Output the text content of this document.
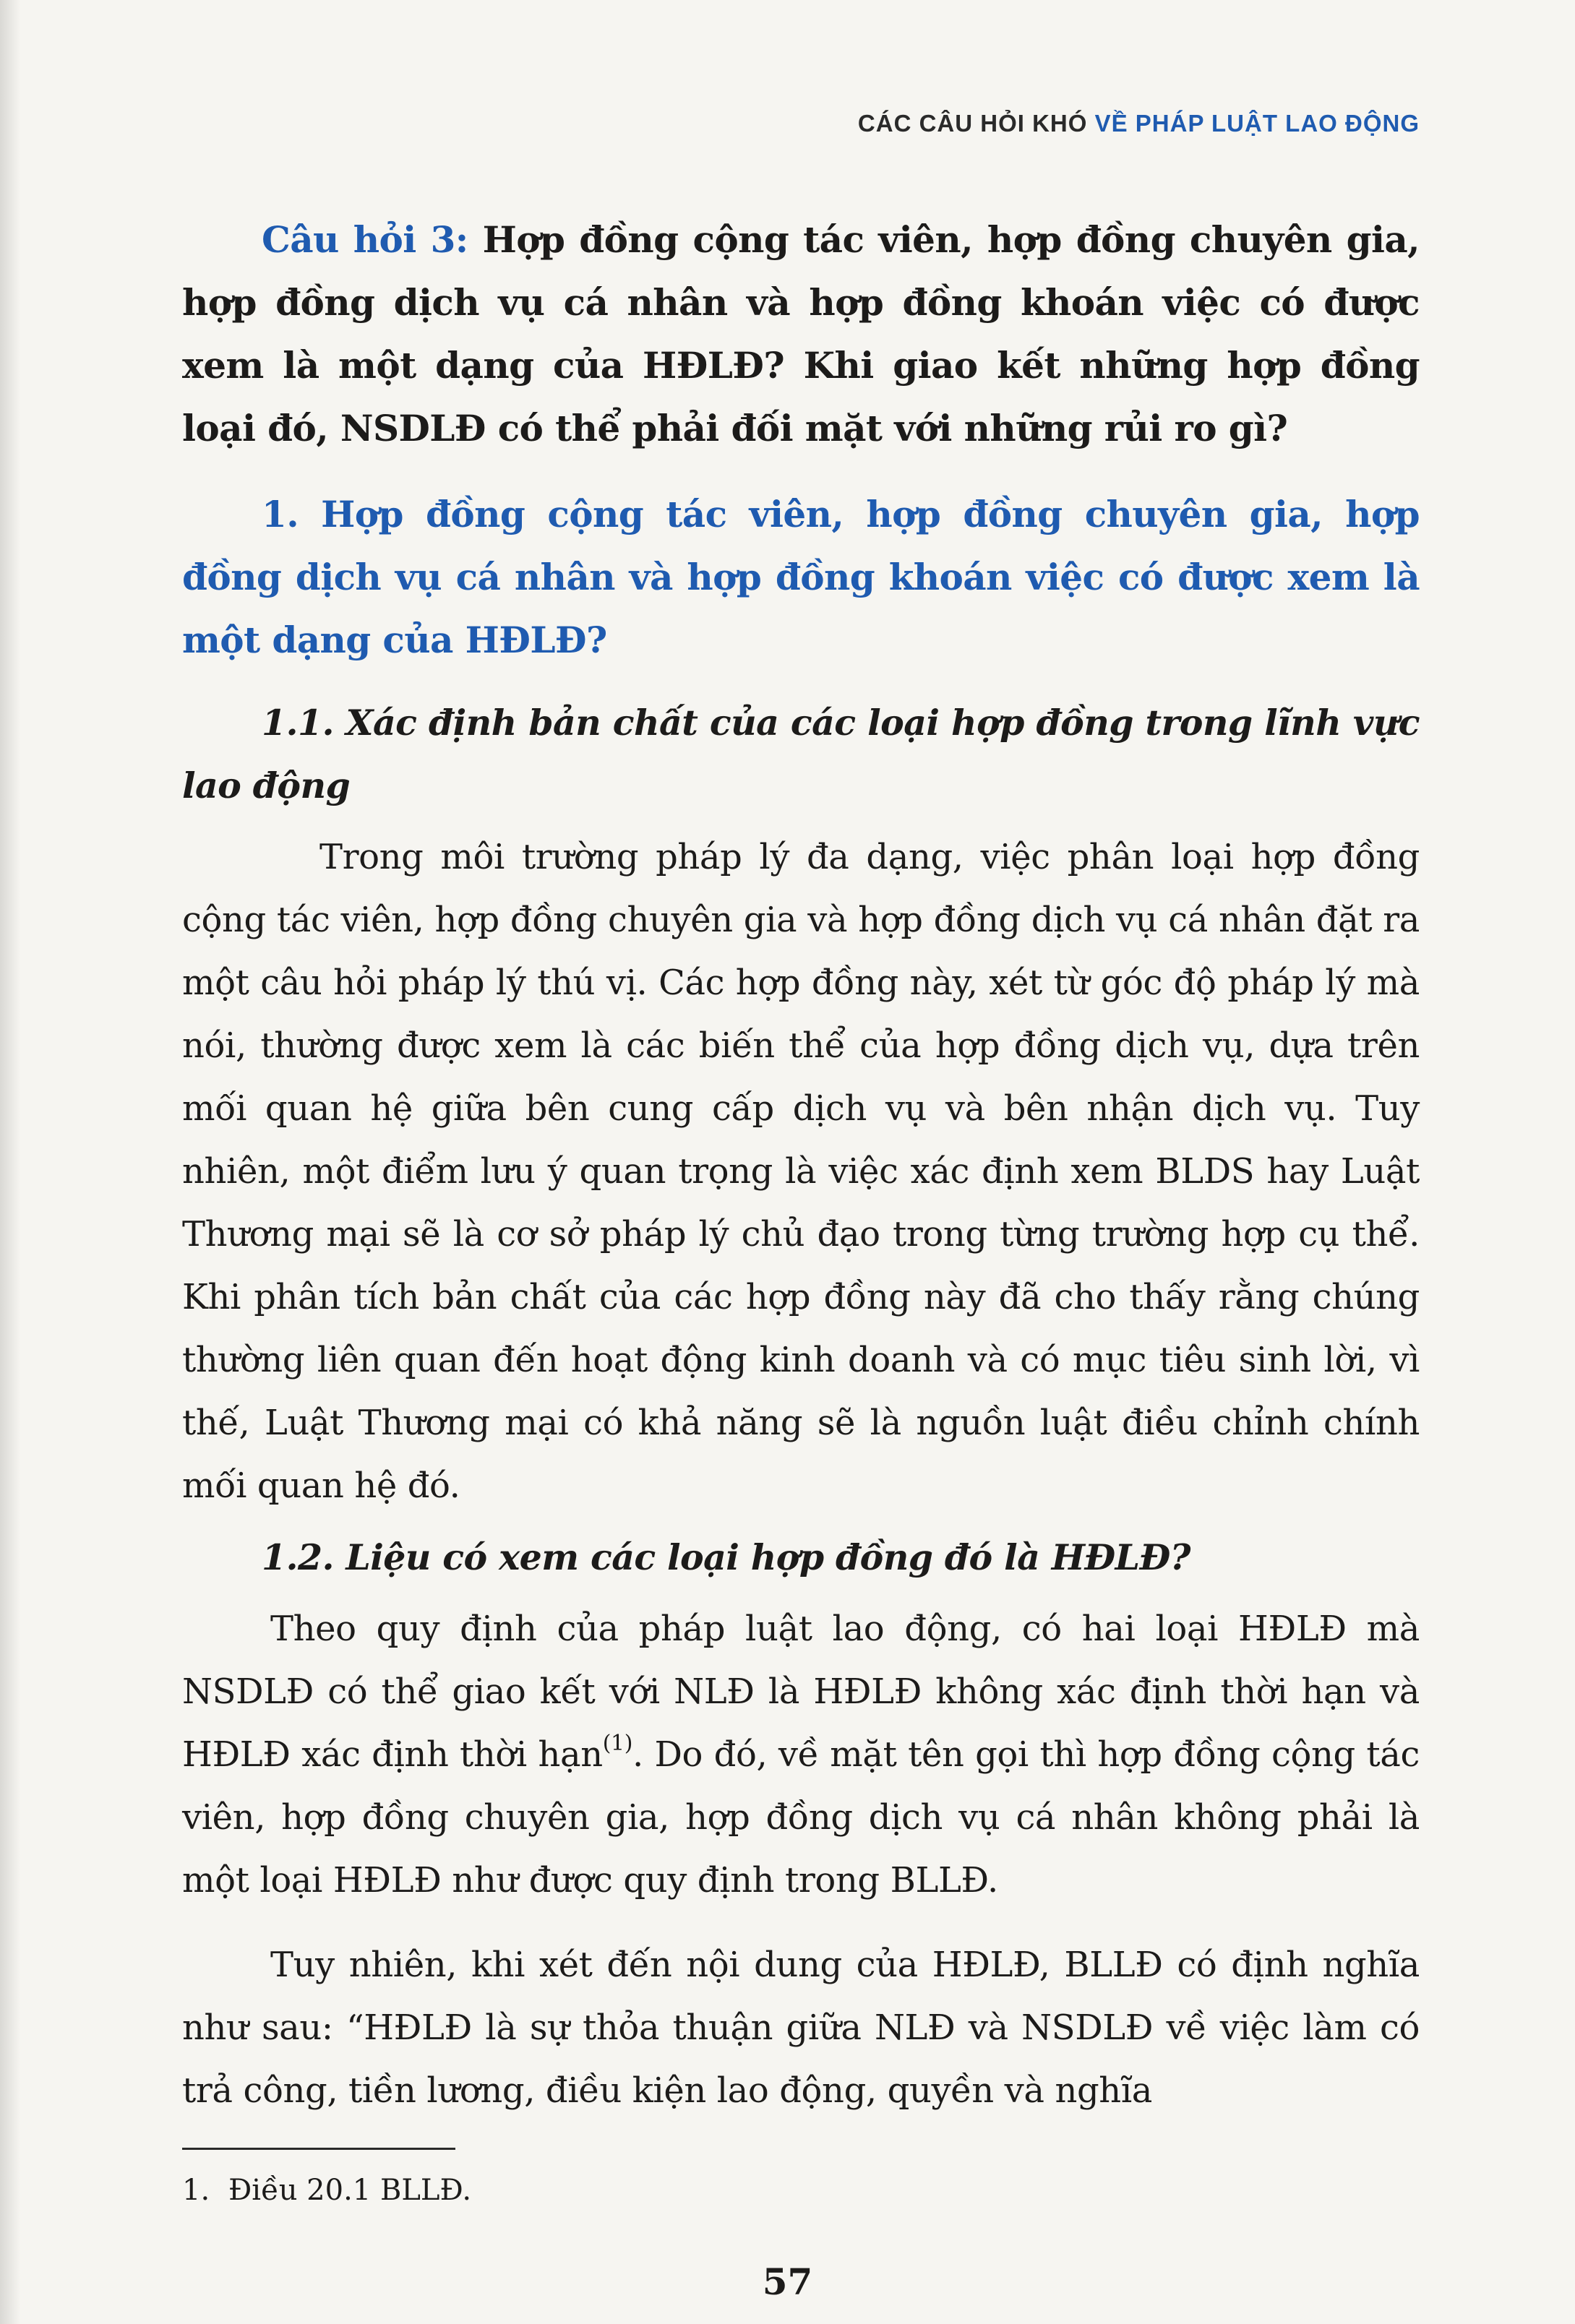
CÁC CÂU HỎI KHÓ VỀ PHÁP LUẬT LAO ĐỘNG

Câu hỏi 3: Hợp đồng cộng tác viên, hợp đồng chuyên gia, hợp đồng dịch vụ cá nhân và hợp đồng khoán việc có được xem là một dạng của HĐLĐ? Khi giao kết những hợp đồng loại đó, NSDLĐ có thể phải đối mặt với những rủi ro gì?

1. Hợp đồng cộng tác viên, hợp đồng chuyên gia, hợp đồng dịch vụ cá nhân và hợp đồng khoán việc có được xem là một dạng của HĐLĐ?

1.1. Xác định bản chất của các loại hợp đồng trong lĩnh vực lao động

Trong môi trường pháp lý đa dạng, việc phân loại hợp đồng cộng tác viên, hợp đồng chuyên gia và hợp đồng dịch vụ cá nhân đặt ra một câu hỏi pháp lý thú vị. Các hợp đồng này, xét từ góc độ pháp lý mà nói, thường được xem là các biến thể của hợp đồng dịch vụ, dựa trên mối quan hệ giữa bên cung cấp dịch vụ và bên nhận dịch vụ. Tuy nhiên, một điểm lưu ý quan trọng là việc xác định xem BLDS hay Luật Thương mại sẽ là cơ sở pháp lý chủ đạo trong từng trường hợp cụ thể. Khi phân tích bản chất của các hợp đồng này đã cho thấy rằng chúng thường liên quan đến hoạt động kinh doanh và có mục tiêu sinh lời, vì thế, Luật Thương mại có khả năng sẽ là nguồn luật điều chỉnh chính mối quan hệ đó.

1.2. Liệu có xem các loại hợp đồng đó là HĐLĐ?

Theo quy định của pháp luật lao động, có hai loại HĐLĐ mà NSDLĐ có thể giao kết với NLĐ là HĐLĐ không xác định thời hạn và HĐLĐ xác định thời hạn$^{(1)}$. Do đó, về mặt tên gọi thì hợp đồng cộng tác viên, hợp đồng chuyên gia, hợp đồng dịch vụ cá nhân không phải là một loại HĐLĐ như được quy định trong BLLĐ.

Tuy nhiên, khi xét đến nội dung của HĐLĐ, BLLĐ có định nghĩa như sau: “HĐLĐ là sự thỏa thuận giữa NLĐ và NSDLĐ về việc làm có trả công, tiền lương, điều kiện lao động, quyền và nghĩa

1. Điều 20.1 BLLĐ.
57
